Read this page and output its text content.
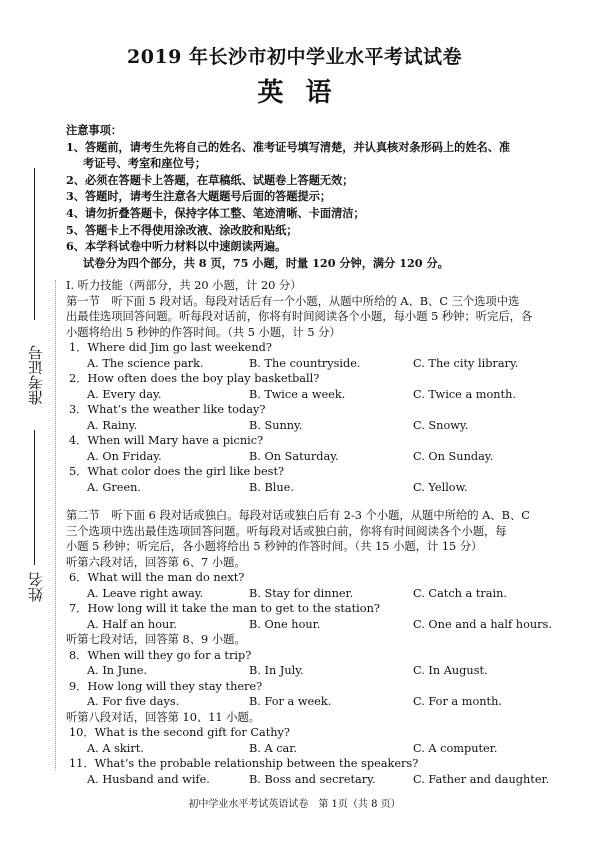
准考证号
姓名
2019 年长沙市初中学业水平考试试卷
英语
注意事项：
1、答题前，请考生先将自己的姓名、准考证号填写清楚，并认真核对条形码上的姓名、准
考证号、考室和座位号；
2、必须在答题卡上答题，在草稿纸、试题卷上答题无效；
3、答题时，请考生注意各大题题号后面的答题提示；
4、请勿折叠答题卡，保持字体工整、笔迹清晰、卡面清洁；
5、答题卡上不得使用涂改液、涂改胶和贴纸；
6、本学科试卷中听力材料以中速朗读两遍。
试卷分为四个部分，共 8 页，75 小题，时量 120 分钟，满分 120 分。
I. 听力技能（两部分，共 20 小题，计 20 分）
第一节　听下面 5 段对话。每段对话后有一个小题，从题中所给的 A、B、C 三个选项中选
出最佳选项回答问题。听每段对话前，你将有时间阅读各个小题，每小题 5 秒钟；听完后，各
小题将给出 5 秒钟的作答时间。（共 5 小题，计 5 分）
1．Where did Jim go last weekend?
A. The science park.	B. The countryside.	C. The city library.
2．How often does the boy play basketball?
A. Every day.	B. Twice a week.	C. Twice a month.
3．What’s the weather like today?
A. Rainy.	B. Sunny.	C. Snowy.
4．When will Mary have a picnic?
A. On Friday.	B. On Saturday.	C. On Sunday.
5．What color does the girl like best?
A. Green.	B. Blue.	C. Yellow.
第二节　听下面 6 段对话或独白。每段对话或独白后有 2-3 个小题，从题中所给的 A、B、C
三个选项中选出最佳选项回答问题。听每段对话或独白前，你将有时间阅读各个小题，每
小题 5 秒钟；听完后，各小题将给出 5 秒钟的作答时间。（共 15 小题，计 15 分）
听第六段对话，回答第 6、7 小题。
6．What will the man do next?
A. Leave right away.	B. Stay for dinner.	C. Catch a train.
7．How long will it take the man to get to the station?
A. Half an hour.	B. One hour.	C. One and a half hours.
听第七段对话，回答第 8、9 小题。
8．When will they go for a trip?
A. In June.	B. In July.	C. In August.
9．How long will they stay there?
A. For five days.	B. For a week.	C. For a month.
听第八段对话，回答第 10、11 小题。
10．What is the second gift for Cathy?
A. A skirt.	B. A car.	C. A computer.
11．What’s the probable relationship between the speakers?
A. Husband and wife.	B. Boss and secretary.	C. Father and daughter.
初中学业水平考试英语试卷　第 1页（共 8 页）
